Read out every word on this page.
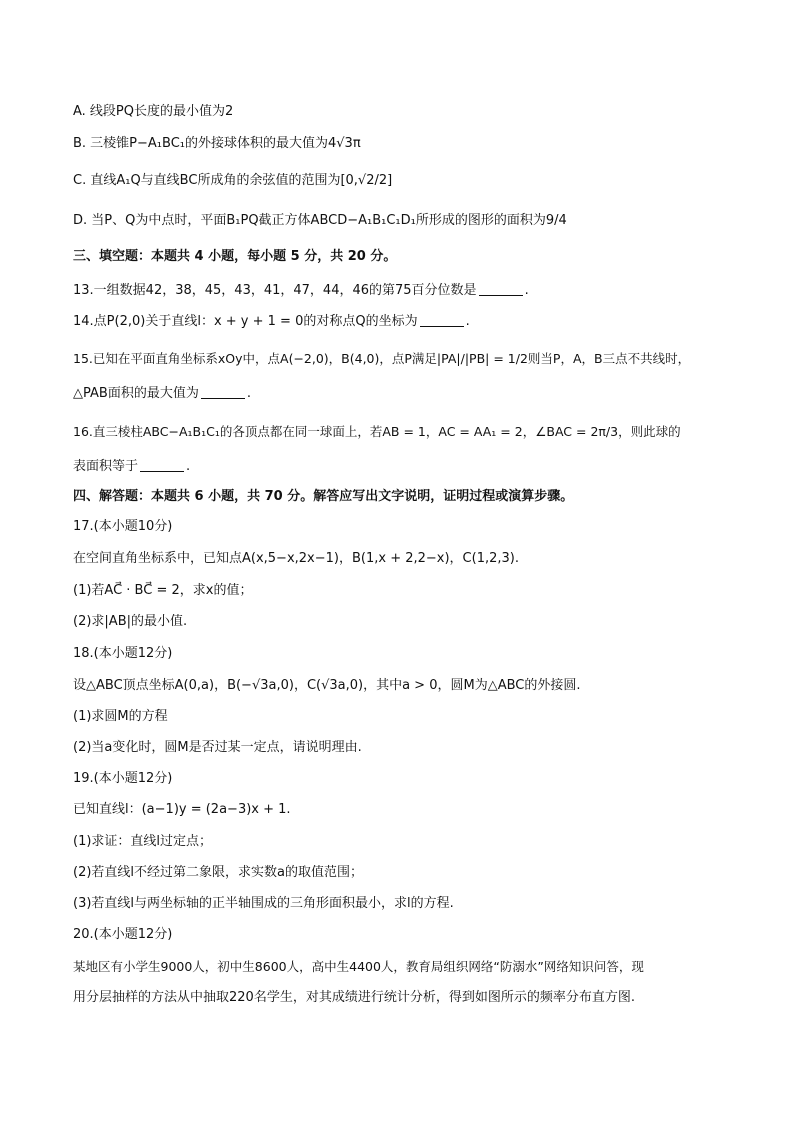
A. 线段PQ长度的最小值为2
B. 三棱锥P−A₁BC₁的外接球体积的最大值为4√3π
C. 直线A₁Q与直线BC所成角的余弦值的范围为[0,√2/2]
D. 当P、Q为中点时，平面B₁PQ截正方体ABCD−A₁B₁C₁D₁所形成的图形的面积为9/4
三、填空题：本题共 4 小题，每小题 5 分，共 20 分。
13.一组数据42，38，45，43，41，47，44，46的第75百分位数是	.
14.点P(2,0)关于直线l：x + y + 1 = 0的对称点Q的坐标为	.
15.已知在平面直角坐标系xOy中，点A(−2,0)，B(4,0)，点P满足|PA|/|PB| = 1/2则当P，A，B三点不共线时，
△PAB面积的最大值为	.
16.直三棱柱ABC−A₁B₁C₁的各顶点都在同一球面上，若AB = 1，AC = AA₁ = 2，∠BAC = 2π/3，则此球的
表面积等于	.
四、解答题：本题共 6 小题，共 70 分。解答应写出文字说明，证明过程或演算步骤。
17.(本小题10分)
在空间直角坐标系中，已知点A(x,5−x,2x−1)，B(1,x + 2,2−x)，C(1,2,3).
(1)若AC⃗ · BC⃗ = 2，求x的值；
(2)求|AB|的最小值.
18.(本小题12分)
设△ABC顶点坐标A(0,a)，B(−√3a,0)，C(√3a,0)，其中a > 0，圆M为△ABC的外接圆.
(1)求圆M的方程
(2)当a变化时，圆M是否过某一定点，请说明理由.
19.(本小题12分)
已知直线l：(a−1)y = (2a−3)x + 1.
(1)求证：直线l过定点；
(2)若直线l不经过第二象限，求实数a的取值范围；
(3)若直线l与两坐标轴的正半轴围成的三角形面积最小，求l的方程.
20.(本小题12分)
某地区有小学生9000人，初中生8600人，高中生4400人，教育局组织网络“防溺水”网络知识问答，现
用分层抽样的方法从中抽取220名学生，对其成绩进行统计分析，得到如图所示的频率分布直方图.
